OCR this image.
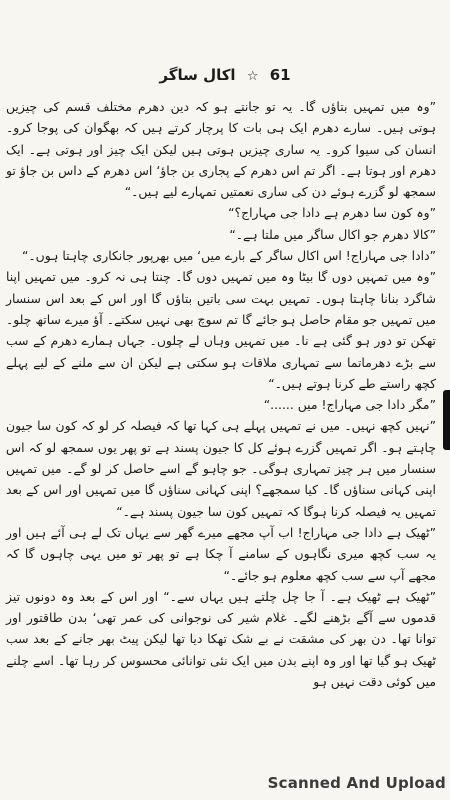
61 ☆ اکال ساگر

”وہ میں تمہیں بتاؤں گا۔ یہ تو جانتے ہو کہ دین دھرم مختلف قسم کی چیزیں ہوتی ہیں۔ سارے دھرم ایک ہی بات کا پرچار کرتے ہیں کہ بھگوان کی پوجا کرو۔ انسان کی سیوا کرو۔ یہ ساری چیزیں ہوتی ہیں لیکن ایک چیز اور ہوتی ہے۔ ایک دھرم اور ہوتا ہے۔ اگر تم اس دھرم کے پجاری بن جاؤ‘ اس دھرم کے داس بن جاؤ تو سمجھ لو گزرے ہوئے دن کی ساری نعمتیں تمہارے لیے ہیں۔“

”وہ کون سا دھرم ہے دادا جی مہاراج؟“

”کالا دھرم جو اکال ساگر میں ملتا ہے۔“

”دادا جی مہاراج! اس اکال ساگر کے بارے میں‘ میں بھرپور جانکاری چاہتا ہوں۔“

”وہ میں تمہیں دوں گا بیٹا وہ میں تمہیں دوں گا۔ چنتا ہی نہ کرو۔ میں تمہیں اپنا شاگرد بنانا چاہتا ہوں۔ تمہیں بہت سی باتیں بتاؤں گا اور اس کے بعد اس سنسار میں تمہیں جو مقام حاصل ہو جائے گا تم سوچ بھی نہیں سکتے۔ آؤ میرے ساتھ چلو۔ تھکن تو دور ہو گئی ہے نا۔ میں تمہیں وہاں لے چلوں۔ جہاں ہمارے دھرم کے سب سے بڑے دھرماتما سے تمہاری ملاقات ہو سکتی ہے لیکن ان سے ملنے کے لیے پہلے کچھ راستے طے کرنا ہوتے ہیں۔“

”مگر دادا جی مہاراج! میں ......“

”نہیں کچھ نہیں۔ میں نے تمہیں پہلے ہی کہا تھا کہ فیصلہ کر لو کہ کون سا جیون چاہتے ہو۔ اگر تمہیں گزرے ہوئے کل کا جیون پسند ہے تو پھر یوں سمجھ لو کہ اس سنسار میں ہر چیز تمہاری ہوگی۔ جو چاہو گے اسے حاصل کر لو گے۔ میں تمہیں اپنی کہانی سناؤں گا۔ کیا سمجھے؟ اپنی کہانی سناؤں گا میں تمہیں اور اس کے بعد تمہیں یہ فیصلہ کرنا ہوگا کہ تمہیں کون سا جیون پسند ہے۔“

”ٹھیک ہے دادا جی مہاراج! اب آپ مجھے میرے گھر سے یہاں تک لے ہی آئے ہیں اور یہ سب کچھ میری نگاہوں کے سامنے آ چکا ہے تو پھر تو میں یہی چاہوں گا کہ مجھے آپ سے سب کچھ معلوم ہو جائے۔“

”ٹھیک ہے ٹھیک ہے۔ آ جا چل چلتے ہیں یہاں سے۔“ اور اس کے بعد وہ دونوں تیز قدموں سے آگے بڑھنے لگے۔ غلام شیر کی نوجوانی کی عمر تھی‘ بدن طاقتور اور توانا تھا۔ دن بھر کی مشقت نے بے شک تھکا دیا تھا لیکن پیٹ بھر جانے کے بعد سب ٹھیک ہو گیا تھا اور وہ اپنے بدن میں ایک نئی توانائی محسوس کر رہا تھا۔ اسے چلنے میں کوئی دقت نہیں ہو

Scanned And Upload
